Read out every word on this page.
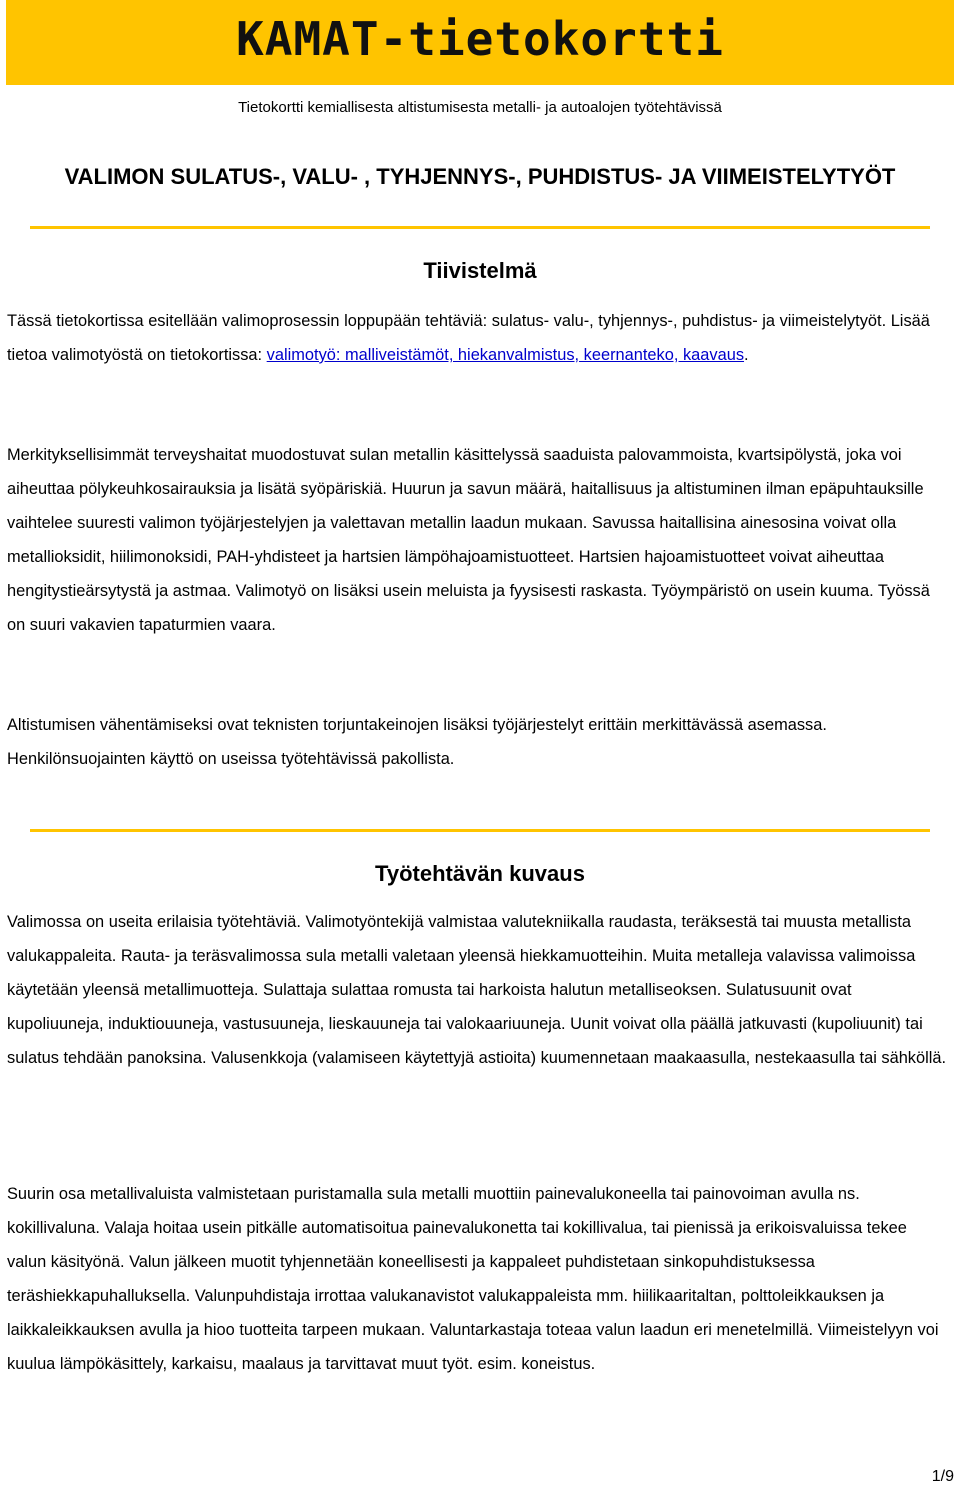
KAMAT-tietokortti
Tietokortti kemiallisesta altistumisesta metalli- ja autoalojen työtehtävissä
VALIMON SULATUS-, VALU- , TYHJENNYS-, PUHDISTUS- JA VIIMEISTELYTYÖT
Tiivistelmä

Tässä tietokortissa esitellään valimoprosessin loppupään tehtäviä: sulatus- valu-, tyhjennys-, puhdistus- ja viimeistelytyöt. Lisää tietoa valimotyöstä on tietokortissa: valimotyö: malliveistämöt, hiekanvalmistus, keernanteko, kaavaus.

Merkityksellisimmät terveyshaitat muodostuvat sulan metallin käsittelyssä saaduista palovammoista, kvartsipölystä, joka voi aiheuttaa pölykeuhkosairauksia ja lisätä syöpäriskiä. Huurun ja savun määrä, haitallisuus ja altistuminen ilman epäpuhtauksille vaihtelee suuresti valimon työjärjestelyjen ja valettavan metallin laadun mukaan. Savussa haitallisina ainesosina voivat olla metallioksidit, hiilimonoksidi, PAH-yhdisteet ja hartsien lämpöhajoamistuotteet. Hartsien hajoamistuotteet voivat aiheuttaa hengitystieärsytystä ja astmaa. Valimotyö on lisäksi usein meluista ja fyysisesti raskasta. Työympäristö on usein kuuma. Työssä on suuri vakavien tapaturmien vaara.

Altistumisen vähentämiseksi ovat teknisten torjuntakeinojen lisäksi työjärjestelyt erittäin merkittävässä asemassa. Henkilönsuojainten käyttö on useissa työtehtävissä pakollista.

Työtehtävän kuvaus

Valimossa on useita erilaisia työtehtäviä. Valimotyöntekijä valmistaa valutekniikalla raudasta, teräksestä tai muusta metallista valukappaleita. Rauta- ja teräsvalimossa sula metalli valetaan yleensä hiekkamuotteihin. Muita metalleja valavissa valimoissa käytetään yleensä metallimuotteja. Sulattaja sulattaa romusta tai harkoista halutun metalliseoksen. Sulatusuunit ovat kupoliuuneja, induktiouuneja, vastusuuneja, lieskauuneja tai valokaariuuneja. Uunit voivat olla päällä jatkuvasti (kupoliuunit) tai sulatus tehdään panoksina. Valusenkkoja (valamiseen käytettyjä astioita) kuumennetaan maakaasulla, nestekaasulla tai sähköllä.

Suurin osa metallivaluista valmistetaan puristamalla sula metalli muottiin painevalukoneella tai painovoiman avulla ns. kokillivaluna. Valaja hoitaa usein pitkälle automatisoitua painevalukonetta tai kokillivalua, tai pienissä ja erikoisvaluissa tekee valun käsityönä. Valun jälkeen muotit tyhjennetään koneellisesti ja kappaleet puhdistetaan sinkopuhdistuksessa teräshiekkapuhalluksella. Valunpuhdistaja irrottaa valukanavistot valukappaleista mm. hiilikaaritaltan, polttoleikkauksen ja laikkaleikkauksen avulla ja hioo tuotteita tarpeen mukaan. Valuntarkastaja toteaa valun laadun eri menetelmillä. Viimeistelyyn voi kuulua lämpökäsittely, karkaisu, maalaus ja tarvittavat muut työt. esim. koneistus.

1/9
